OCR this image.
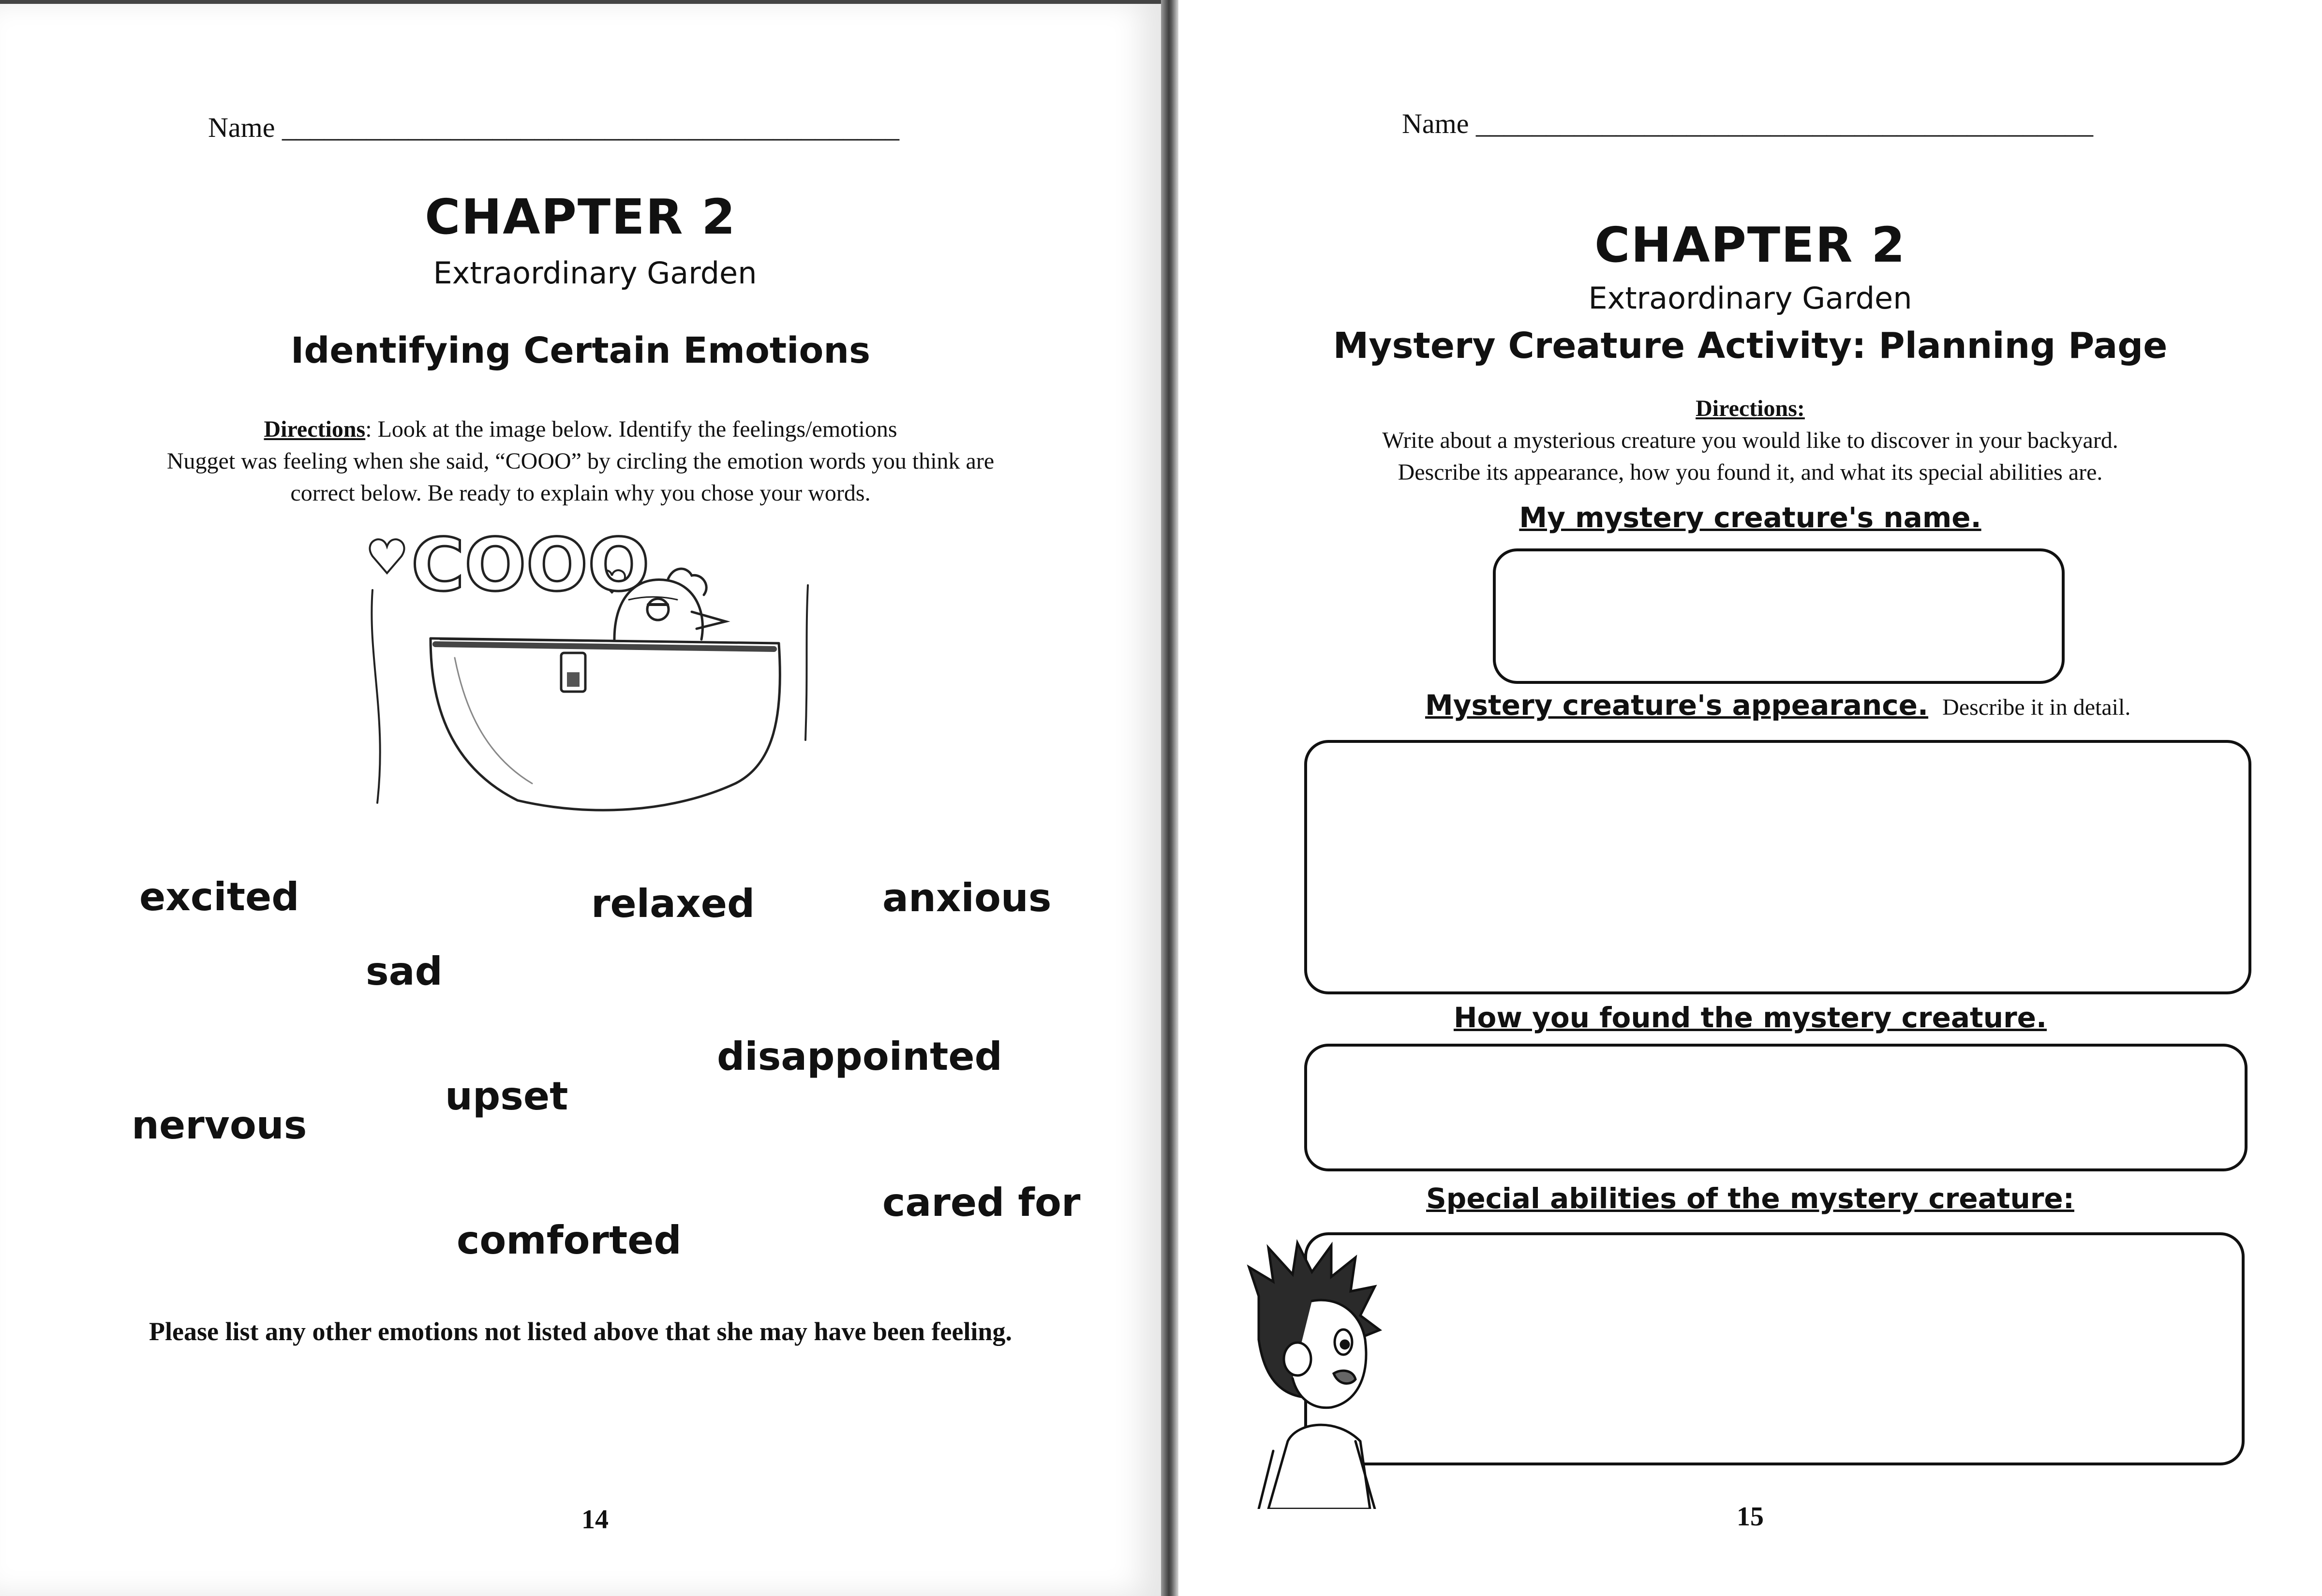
Name ____________________________________________
CHAPTER 2
Extraordinary Garden
Identifying Certain Emotions
Directions: Look at the image below. Identify the feelings/emotions
Nugget was feeling when she said, “COOO” by circling the emotion words you think are
correct below. Be ready to explain why you chose your words.
COOO
excited	relaxed	anxious
sad
disappointed
upset
nervous
cared for
comforted
Please list any other emotions not listed above that she may have been feeling.
14
Name ____________________________________________
CHAPTER 2
Extraordinary Garden
Mystery Creature Activity: Planning Page
Directions:
Write about a mysterious creature you would like to discover in your backyard.
Describe its appearance, how you found it, and what its special abilities are.
My mystery creature's name.
Mystery creature's appearance. Describe it in detail.
How you found the mystery creature.
Special abilities of the mystery creature:
15
